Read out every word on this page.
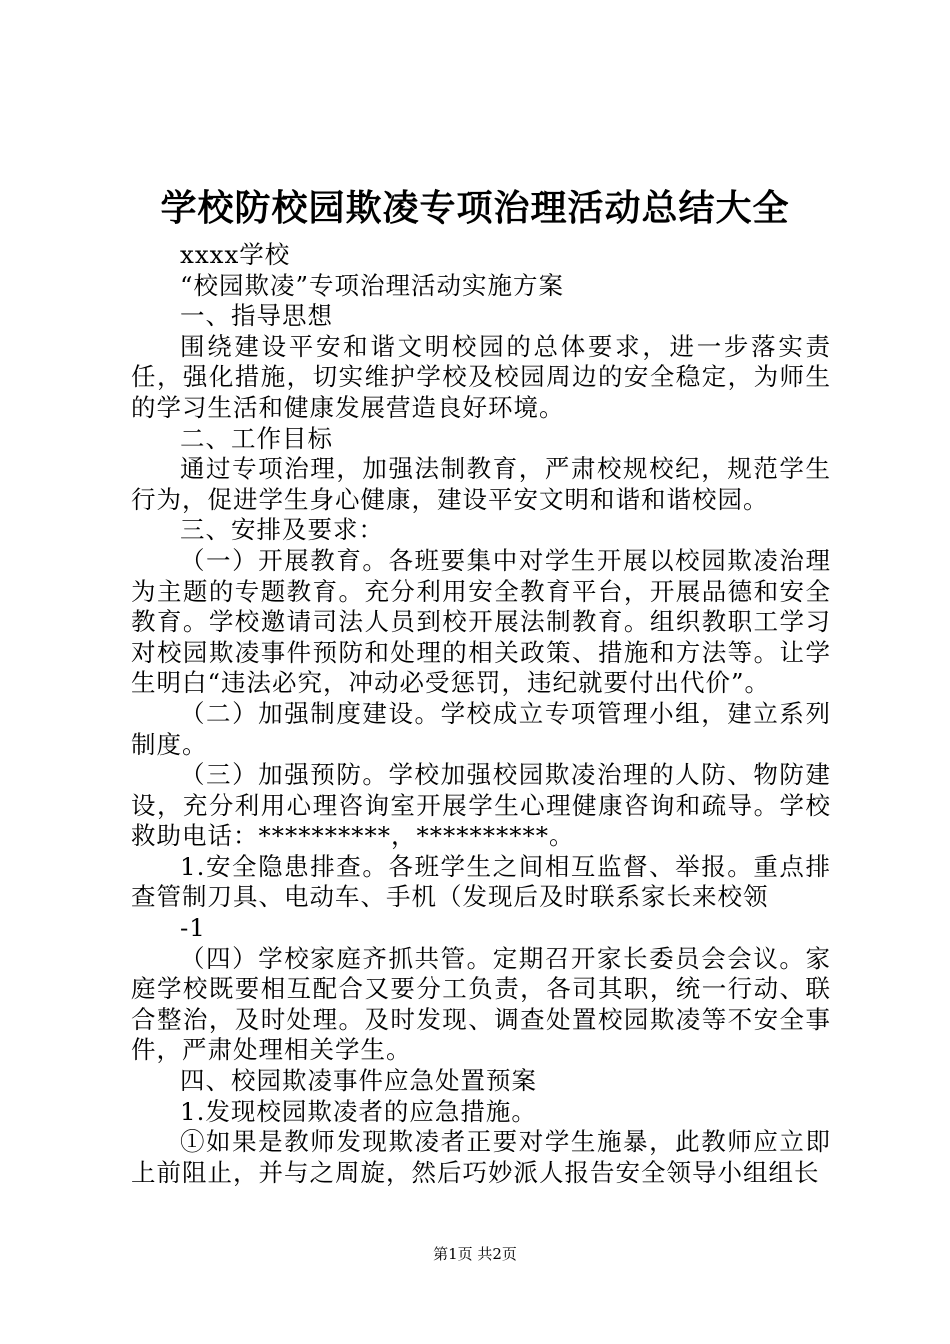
学校防校园欺凌专项治理活动总结大全

xxxx学校

“校园欺凌”专项治理活动实施方案

一、指导思想

围绕建设平安和谐文明校园的总体要求，进一步落实责任，强化措施，切实维护学校及校园周边的安全稳定，为师生的学习生活和健康发展营造良好环境。

二、工作目标

通过专项治理，加强法制教育，严肃校规校纪，规范学生行为，促进学生身心健康，建设平安文明和谐和谐校园。

三、安排及要求：

（一）开展教育。各班要集中对学生开展以校园欺凌治理为主题的专题教育。充分利用安全教育平台，开展品德和安全教育。学校邀请司法人员到校开展法制教育。组织教职工学习对校园欺凌事件预防和处理的相关政策、措施和方法等。让学生明白“违法必究，冲动必受惩罚，违纪就要付出代价”。

（二）加强制度建设。学校成立专项管理小组，建立系列制度。

（三）加强预防。学校加强校园欺凌治理的人防、物防建设，充分利用心理咨询室开展学生心理健康咨询和疏导。学校救助电话：**********，**********。

1.安全隐患排查。各班学生之间相互监督、举报。重点排查管制刀具、电动车、手机（发现后及时联系家长来校领

-1

（四）学校家庭齐抓共管。定期召开家长委员会会议。家庭学校既要相互配合又要分工负责，各司其职，统一行动、联合整治，及时处理。及时发现、调查处置校园欺凌等不安全事件，严肃处理相关学生。

四、校园欺凌事件应急处置预案

1.发现校园欺凌者的应急措施。

①如果是教师发现欺凌者正要对学生施暴，此教师应立即上前阻止，并与之周旋，然后巧妙派人报告安全领导小组组长

第1页 共2页
